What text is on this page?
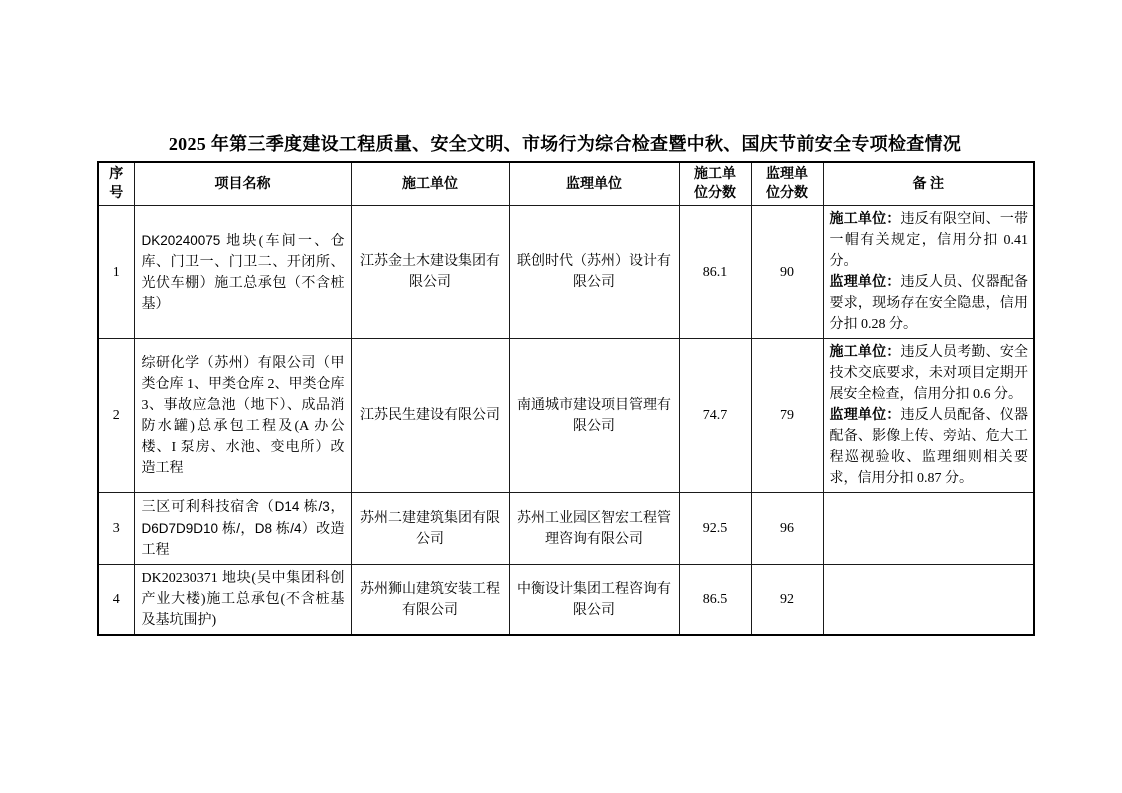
2025 年第三季度建设工程质量、安全文明、市场行为综合检查暨中秋、国庆节前安全专项检查情况
序号	项目名称	施工单位	监理单位	施工单位分数	监理单位分数	备 注
1	DK20240075 地块(车间一、仓库、门卫一、门卫二、开闭所、光伏车棚）施工总承包（不含桩基）	江苏金土木建设集团有限公司	联创时代（苏州）设计有限公司	86.1	90	施工单位：违反有限空间、一带一帽有关规定，信用分扣 0.41 分。
监理单位：违反人员、仪器配备要求，现场存在安全隐患，信用分扣 0.28 分。

2	综研化学（苏州）有限公司（甲类仓库 1、甲类仓库 2、甲类仓库 3、事故应急池（地下）、成品消防水罐)总承包工程及(A 办公楼、I 泵房、水池、变电所）改造工程	江苏民生建设有限公司	南通城市建设项目管理有限公司	74.7	79	施工单位：违反人员考勤、安全技术交底要求，未对项目定期开展安全检查，信用分扣 0.6 分。
监理单位：违反人员配备、仪器配备、影像上传、旁站、危大工程巡视验收、监理细则相关要求，信用分扣 0.87 分。

3	三区可利科技宿舍（D14 栋/3，D6D7D9D10 栋/，D8 栋/4）改造工程	苏州二建建筑集团有限公司	苏州工业园区智宏工程管理咨询有限公司	92.5	96	
4	DK20230371 地块(吴中集团科创产业大楼)施工总承包(不含桩基及基坑围护)	苏州狮山建筑安装工程有限公司	中衡设计集团工程咨询有限公司	86.5	92	
